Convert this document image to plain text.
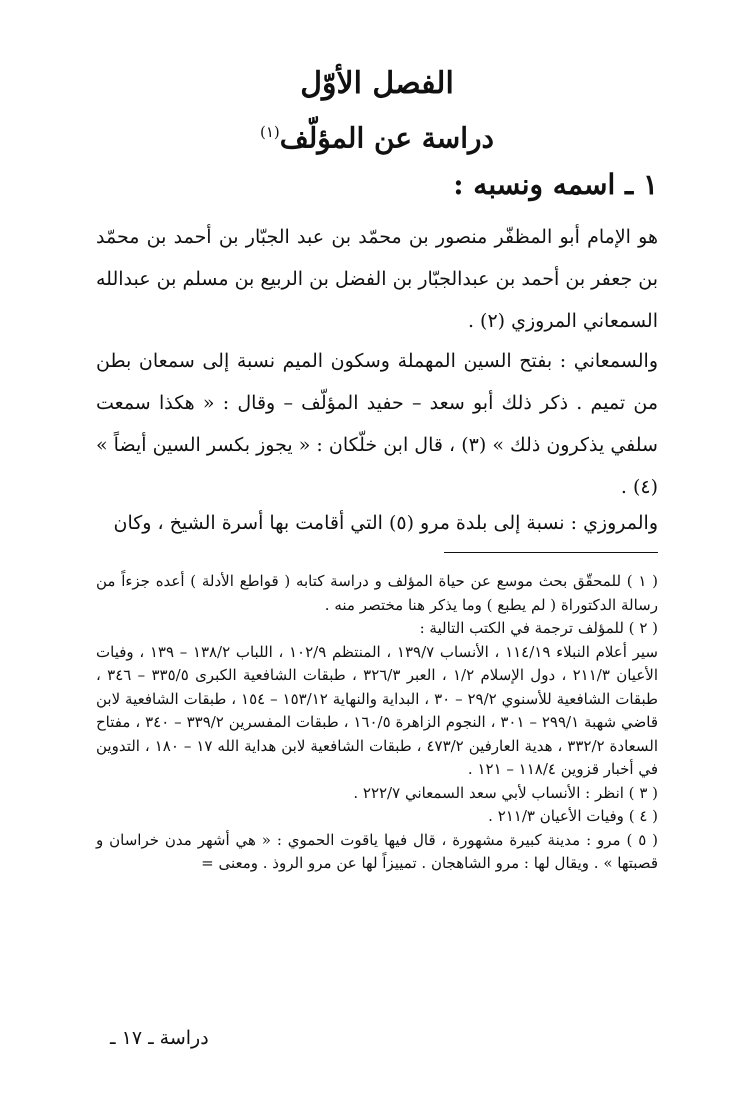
الفصل الأوّل
دراسة عن المؤلّف$^{(١)}$
١ ـ اسمه ونسبه :

هو الإمام أبو المظفّر منصور بن محمّد بن عبد الجبّار بن أحمد بن محمّد بن جعفر بن أحمد بن عبدالجبّار بن الفضل بن الربيع بن مسلم بن عبدالله السمعاني المروزي (٢) .

والسمعاني : بفتح السين المهملة وسكون الميم نسبة إلى سمعان بطن من تميم . ذكر ذلك أبو سعد – حفيد المؤلّف – وقال : « هكذا سمعت سلفي يذكرون ذلك » (٣) ، قال ابن خلّكان : « يجوز بكسر السين أيضاً » (٤) .

والمروزي : نسبة إلى بلدة مرو (٥) التي أقامت بها أسرة الشيخ ، وكان

( ١ ) للمحقّق بحث موسع عن حياة المؤلف و دراسة كتابه ( قواطع الأدلة ) أعده جزءاً من رسالة الدكتوراة ( لم يطبع ) وما يذكر هنا مختصر منه .

( ٢ ) للمؤلف ترجمة في الكتب التالية :

سير أعلام النبلاء ١١٤/١٩ ، الأنساب ١٣٩/٧ ، المنتظم ١٠٢/٩ ، اللباب ١٣٨/٢ – ١٣٩ ، وفيات الأعيان ٢١١/٣ ، دول الإسلام ١/٢ ، العبر ٣٢٦/٣ ، طبقات الشافعية الكبرى ٣٣٥/٥ – ٣٤٦ ، طبقات الشافعية للأسنوي ٢٩/٢ – ٣٠ ، البداية والنهاية ١٥٣/١٢ – ١٥٤ ، طبقات الشافعية لابن قاضي شهبة ٢٩٩/١ – ٣٠١ ، النجوم الزاهرة ١٦٠/٥ ، طبقات المفسرين ٣٣٩/٢ – ٣٤٠ ، مفتاح السعادة ٣٣٢/٢ ، هدية العارفين ٤٧٣/٢ ، طبقات الشافعية لابن هداية الله ١٧ – ١٨٠ ، التدوين في أخبار قزوين ١١٨/٤ – ١٢١ .

( ٣ ) انظر : الأنساب لأبي سعد السمعاني ٢٢٢/٧ .

( ٤ ) وفيات الأعيان ٢١١/٣ .

( ٥ ) مرو : مدينة كبيرة مشهورة ، قال فيها ياقوت الحموي : « هي أشهر مدن خراسان و قصبتها » . ويقال لها : مرو الشاهجان . تمييزاً لها عن مرو الروذ . ومعنى =

دراسة ـ ١٧ ـ
